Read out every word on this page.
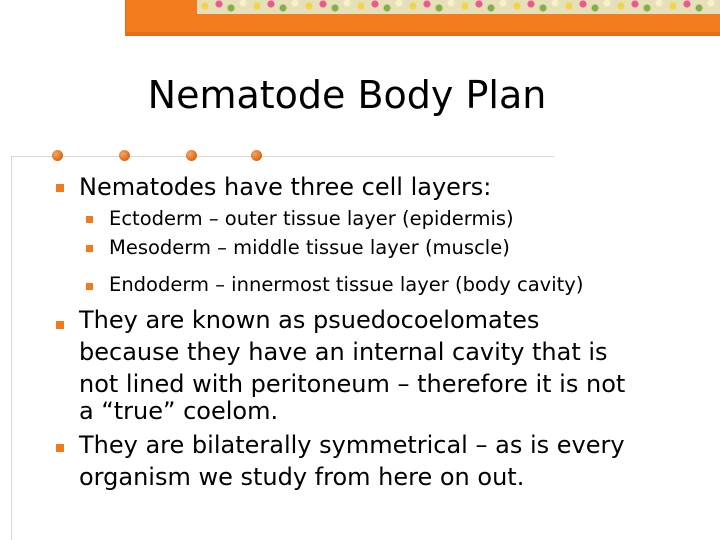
Nematode Body Plan
Nematodes have three cell layers:
Ectoderm – outer tissue layer (epidermis)
Mesoderm – middle tissue layer (muscle)
Endoderm – innermost tissue layer (body cavity)
They are known as psuedocoelomates
because they have an internal cavity that is
not lined with peritoneum – therefore it is not
a “true” coelom.
They are bilaterally symmetrical – as is every
organism we study from here on out.
